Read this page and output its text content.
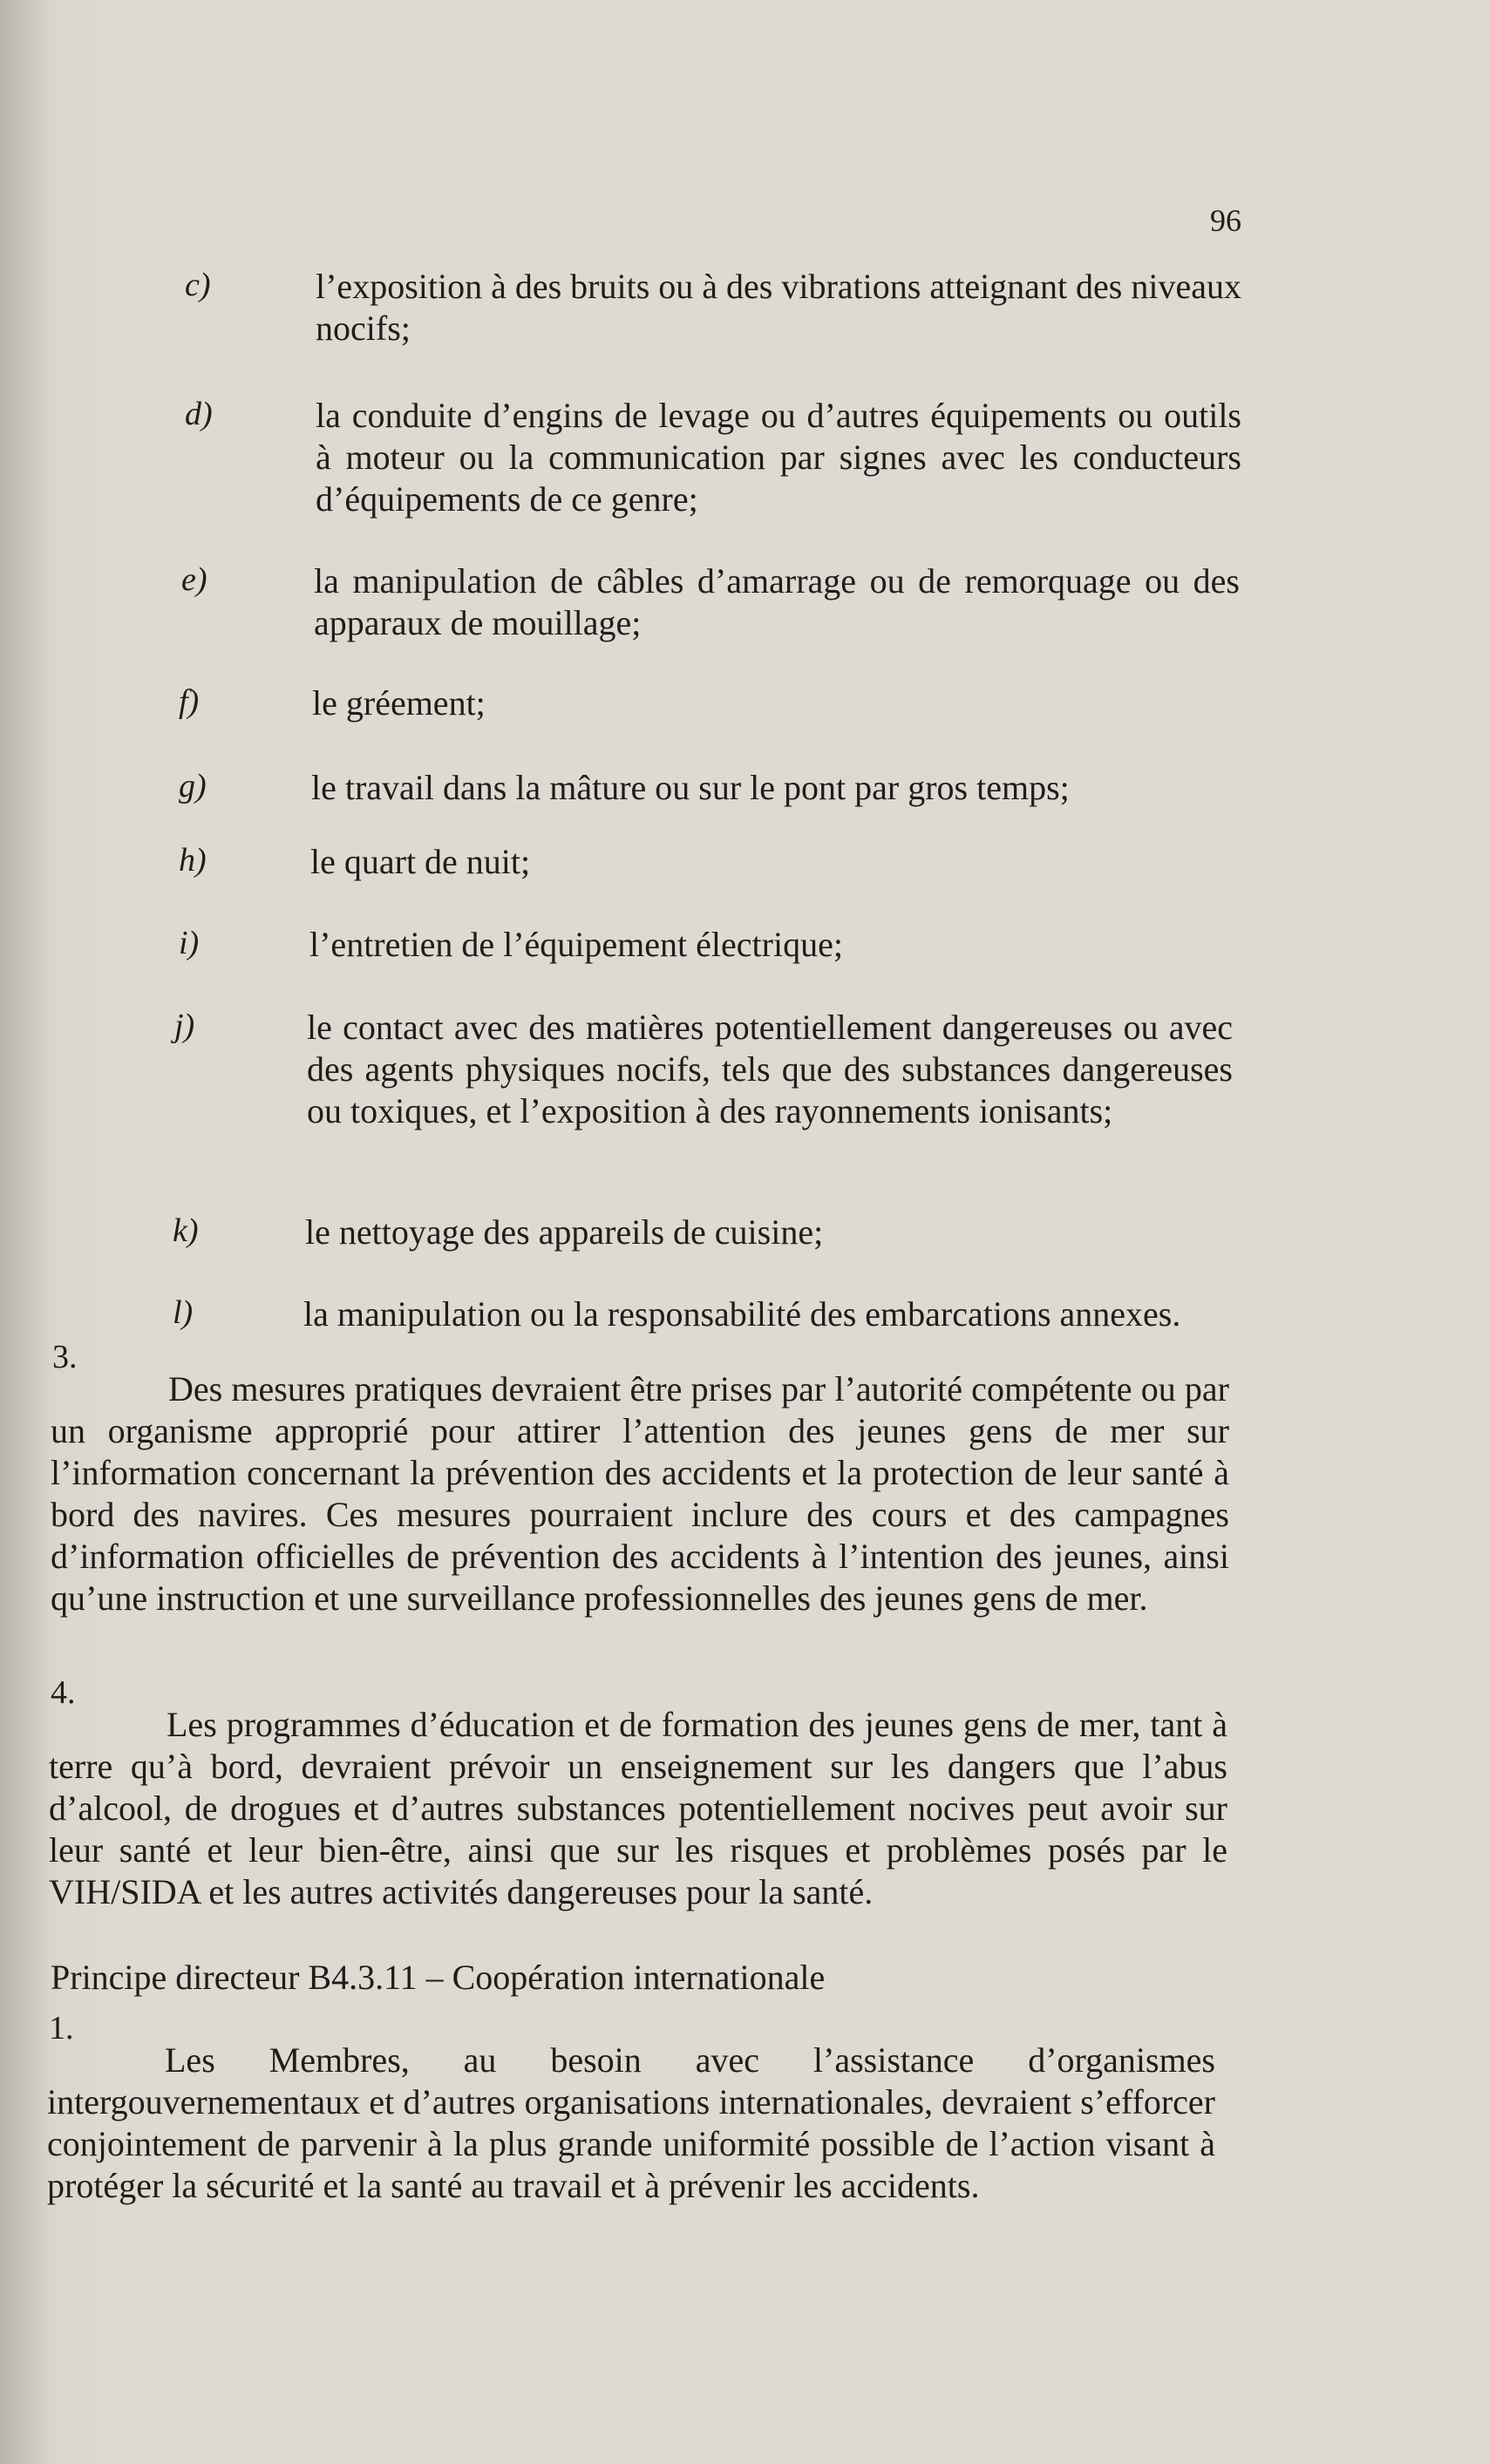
96
c)	l’exposition à des bruits ou à des vibrations atteignant des niveaux nocifs;
d)	la conduite d’engins de levage ou d’autres équipements ou outils à moteur ou la communication par signes avec les conducteurs d’équipements de ce genre;
e)	la manipulation de câbles d’amarrage ou de remorquage ou des apparaux de mouillage;
f)	le gréement;
g)	le travail dans la mâture ou sur le pont par gros temps;
h)	le quart de nuit;
i)	l’entretien de l’équipement électrique;
j)	le contact avec des matières potentiellement dangereuses ou avec des agents physiques nocifs, tels que des substances dangereuses ou toxiques, et l’exposition à des rayonnements ionisants;
k)	le nettoyage des appareils de cuisine;
l)	la manipulation ou la responsabilité des embarcations annexes.
3.
Des mesures pratiques devraient être prises par l’autorité compétente ou par un organisme approprié pour attirer l’attention des jeunes gens de mer sur l’information concernant la prévention des accidents et la protection de leur santé à bord des navires. Ces mesures pourraient inclure des cours et des campagnes d’information officielles de prévention des accidents à l’intention des jeunes, ainsi qu’une instruction et une surveillance professionnelles des jeunes gens de mer.
4.
Les programmes d’éducation et de formation des jeunes gens de mer, tant à terre qu’à bord, devraient prévoir un enseignement sur les dangers que l’abus d’alcool, de drogues et d’autres substances potentiellement nocives peut avoir sur leur santé et leur bien-être, ainsi que sur les risques et problèmes posés par le VIH/SIDA et les autres activités dangereuses pour la santé.
Principe directeur B4.3.11 – Coopération internationale
1.
Les Membres, au besoin avec l’assistance d’organismes intergouvernementaux et d’autres organisations internationales, devraient s’efforcer conjointement de parvenir à la plus grande uniformité possible de l’action visant à protéger la sécurité et la santé au travail et à prévenir les accidents.
